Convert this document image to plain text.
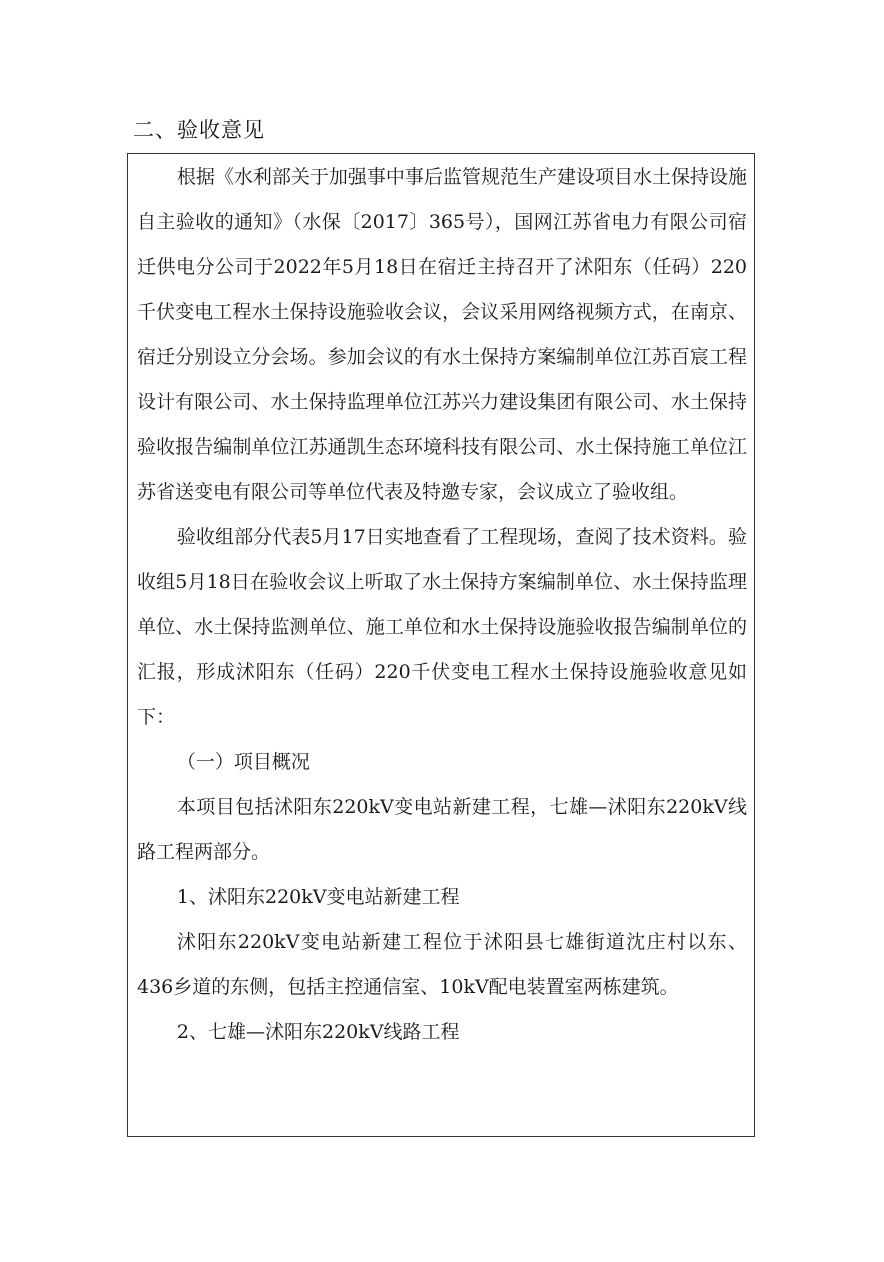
二、验收意见

根据《水利部关于加强事中事后监管规范生产建设项目水土保持设施自主验收的通知》（水保〔2017〕365号），国网江苏省电力有限公司宿迁供电分公司于2022年5月18日在宿迁主持召开了沭阳东（任码）220千伏变电工程水土保持设施验收会议，会议采用网络视频方式，在南京、宿迁分别设立分会场。参加会议的有水土保持方案编制单位江苏百宸工程设计有限公司、水土保持监理单位江苏兴力建设集团有限公司、水土保持验收报告编制单位江苏通凯生态环境科技有限公司、水土保持施工单位江苏省送变电有限公司等单位代表及特邀专家，会议成立了验收组。

验收组部分代表5月17日实地查看了工程现场，查阅了技术资料。验收组5月18日在验收会议上听取了水土保持方案编制单位、水土保持监理单位、水土保持监测单位、施工单位和水土保持设施验收报告编制单位的汇报，形成沭阳东（任码）220千伏变电工程水土保持设施验收意见如下：

（一）项目概况

本项目包括沭阳东220kV变电站新建工程，七雄—沭阳东220kV线路工程两部分。

1、沭阳东220kV变电站新建工程

沭阳东220kV变电站新建工程位于沭阳县七雄街道沈庄村以东、436乡道的东侧，包括主控通信室、10kV配电装置室两栋建筑。

2、七雄—沭阳东220kV线路工程
